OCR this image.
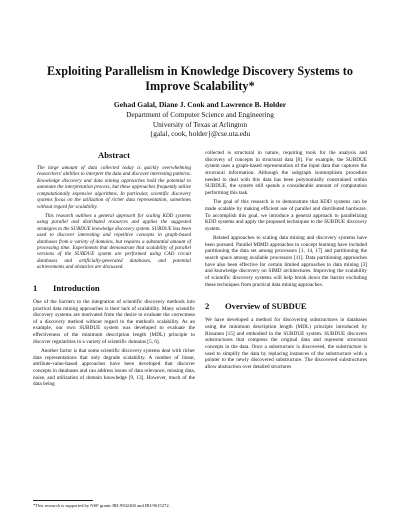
Exploiting Parallelism in Knowledge Discovery Systems to
Improve Scalability*
Gehad Galal, Diane J. Cook and Lawrence B. Holder
Department of Computer Science and Engineering
University of Texas at Arlington
{galal, cook, holder}@cse.uta.edu
Abstract

The large amount of data collected today is quickly overwhelming researchers' abilities to interpret the data and discover interesting patterns. Knowledge discovery and data mining approaches hold the potential to automate the interpretation process, but these approaches frequently utilize computationally expensive algorithms. In particular, scientific discovery systems focus on the utilization of richer data representation, sometimes without regard for scalability.

This research outlines a general approach for scaling KDD systems using parallel and distributed resources and applies the suggested strategies to the SUBDUE knowledge discovery system. SUBDUE has been used to discover interesting and repetitive concepts in graph-based databases from a variety of domains, but requires a substantial amount of processing time. Experiments that demonstrate that scalability of parallel versions of the SUBDUE system are performed using CAD circuit databases and artificially-generated databases, and potential achievements and obstacles are discussed.

1	Introduction

One of the barriers to the integration of scientific discovery methods into practical data mining approaches is their lack of scalability. Many scientific discovery systems are motivated from the desire to evaluate the correctness of a discovery method without regard to the method's scalability. As an example, our own SUBDUE system was developed to evaluate the effectiveness of the minimum description length (MDL) principle to discover regularities in a variety of scientific domains [5, 6].

Another factor is that some scientific discovery systems deal with richer data representations that only degrade scalability. A number of linear, attribute-value-based approaches have been developed that discover concepts in databases and can address issues of data relevance, missing data, noise, and utilization of domain knowledge [9, 13]. However, much of the data being

*This research is supported by NSF grants IRI-9502260 and IRI-9615272.

collected is structural in nature, requiring tools for the analysis and discovery of concepts in structural data [8]. For example, the SUBDUE system uses a graph-based representation of the input data that captures the structural information. Although the subgraph isomorphism procedure needed to deal with this data has been polynomially constrained within SUBDUE, the system still spends a considerable amount of computation performing this task.

The goal of this research is to demonstrate that KDD systems can be made scalable by making efficient use of parallel and distributed hardware. To accomplish this goal, we introduce a general approach to parallelizing KDD systems and apply the proposed techniques to the SUBDUE discovery system.

Related approaches to scaling data mining and discovery systems have been pursued. Parallel MIMD approaches to concept learning have included partitioning the data set among processors [1, 14, 17] and partitioning the search space among available processors [11]. Data partitioning approaches have also been effective for certain limited approaches to data mining [3] and knowledge discovery on SIMD architectures. Improving the scalability of scientific discovery systems will help break down the barrier excluding these techniques from practical data mining approaches.

2	Overview of SUBDUE

We have developed a method for discovering substructures in databases using the minimum description length (MDL) principle introduced by Rissanen [15] and embodied in the SUBDUE system. SUBDUE discovers substructures that compress the original data and represent structural concepts in the data. Once a substructure is discovered, the substructure is used to simplify the data by replacing instances of the substructure with a pointer to the newly discovered substructure. The discovered substructures allow abstraction over detailed structures
